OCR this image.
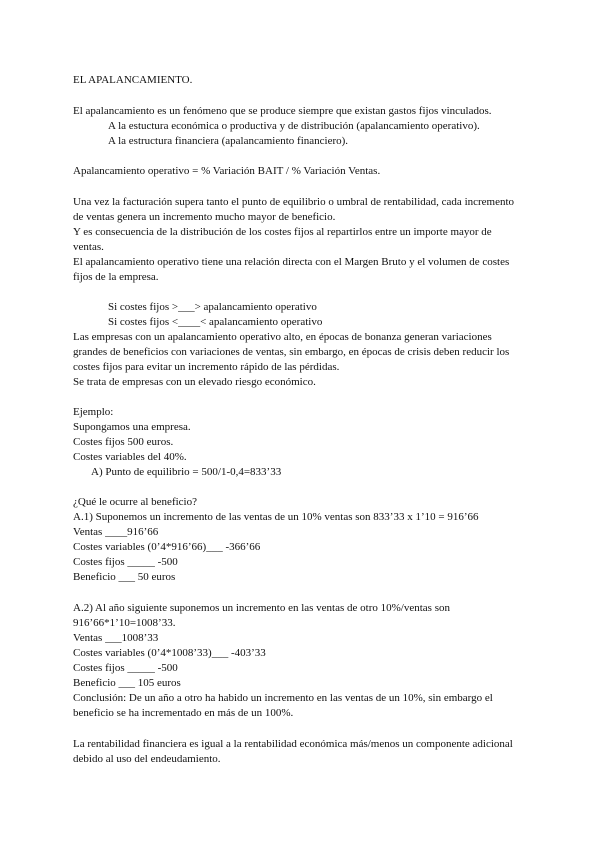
EL APALANCAMIENTO.
El apalancamiento es un fenómeno que se produce siempre que existan gastos fijos vinculados.
A la estuctura económica o productiva y de distribución (apalancamiento operativo).
A la estructura financiera (apalancamiento financiero).
Apalancamiento operativo = % Variación BAIT / % Variación Ventas.
Una vez la facturación supera tanto el punto de equilibrio o umbral de rentabilidad, cada incremento
de ventas genera un incremento mucho mayor de beneficio.
Y es consecuencia de la distribución de los costes fijos al repartirlos entre un importe mayor de
ventas.
El apalancamiento operativo tiene una relación directa con el Margen Bruto y el volumen de costes
fijos de la empresa.
Si costes fijos >___> apalancamiento operativo
Si costes fijos <____< apalancamiento operativo
Las empresas con un apalancamiento operativo alto, en épocas de bonanza generan variaciones
grandes de beneficios con variaciones de ventas, sin embargo, en épocas de crisis deben reducir los
costes fijos para evitar un incremento rápido de las pérdidas.
Se trata de empresas con un elevado riesgo económico.
Ejemplo:
Supongamos una empresa.
Costes fijos 500 euros.
Costes variables del 40%.
A) Punto de equilibrio = 500/1-0,4=833’33
¿Qué le ocurre al beneficio?
A.1) Suponemos un incremento de las ventas de un 10% ventas son 833’33 x 1’10 = 916’66
Ventas ____916’66
Costes variables (0’4*916’66)___ -366’66
Costes fijos _____ -500
Beneficio ___ 50 euros
A.2) Al año siguiente suponemos un incremento en las ventas de otro 10%/ventas son
916’66*1’10=1008’33.
Ventas ___1008’33
Costes variables (0’4*1008’33)___ -403’33
Costes fijos _____ -500
Beneficio ___ 105 euros
Conclusión: De un año a otro ha habido un incremento en las ventas de un 10%, sin embargo el
beneficio se ha incrementado en más de un 100%.
La rentabilidad financiera es igual a la rentabilidad económica más/menos un componente adicional
debido al uso del endeudamiento.
